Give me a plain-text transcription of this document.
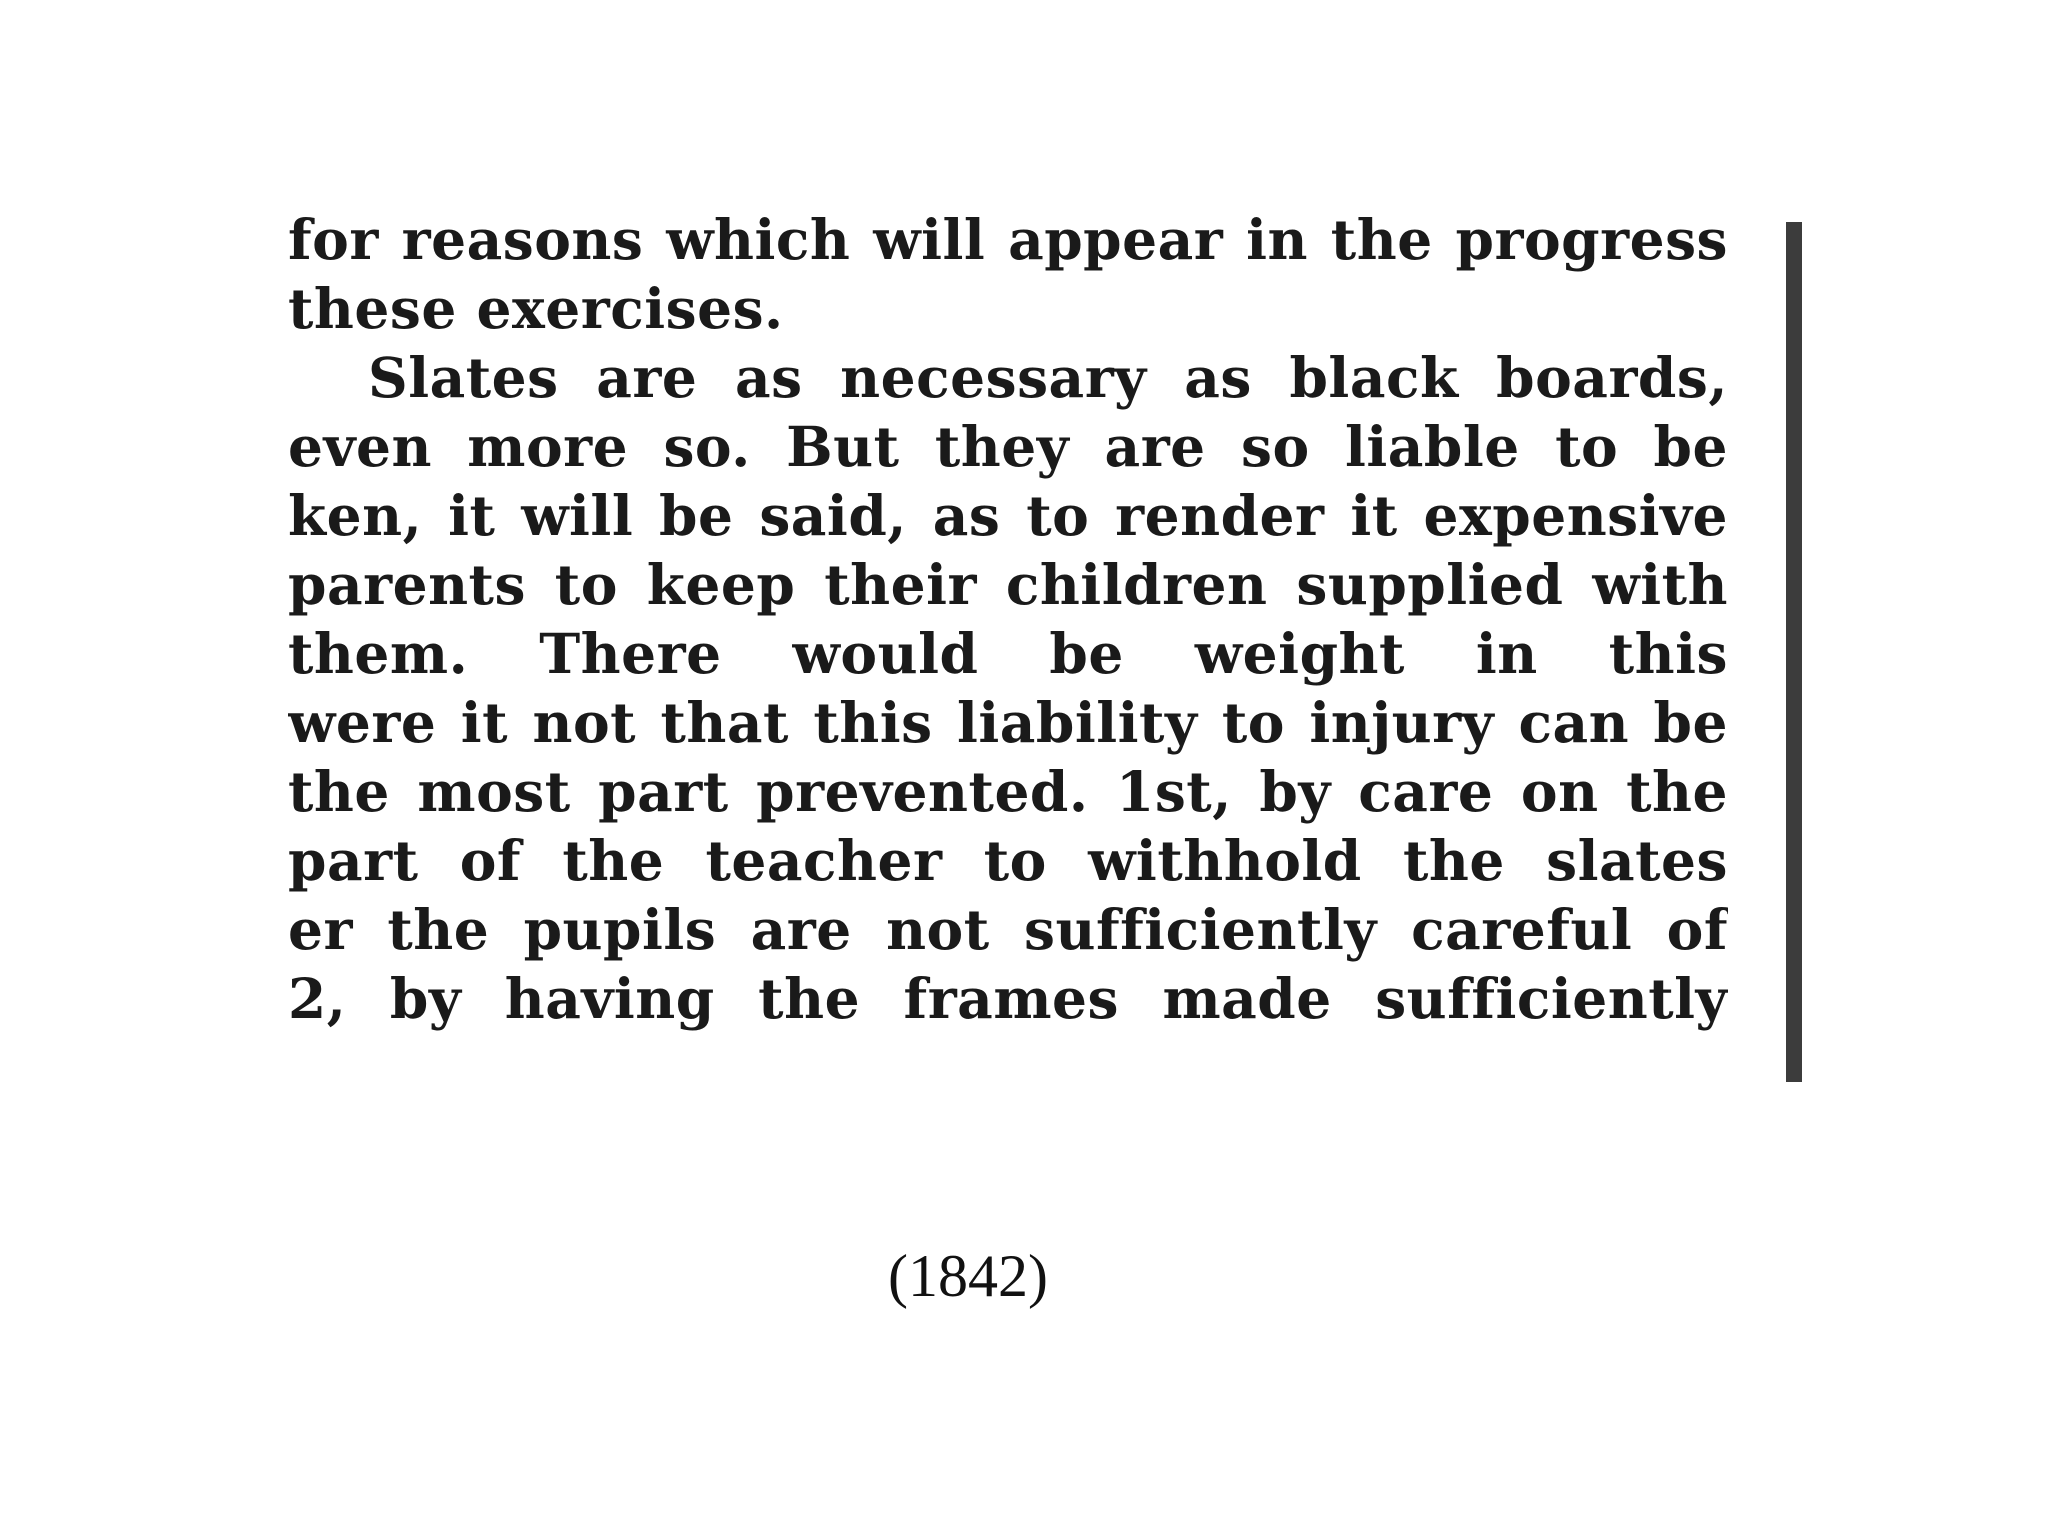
for reasons which will appear in the progress
these exercises.
Slates are as necessary as black boards,
even more so. But they are so liable to be
ken, it will be said, as to render it expensive
parents to keep their children supplied with
them. There would be weight in this
were it not that this liability to injury can be
the most part prevented. 1st, by care on the
part of the teacher to withhold the slates
er the pupils are not sufficiently careful of
2, by having the frames made sufficiently
(1842)
